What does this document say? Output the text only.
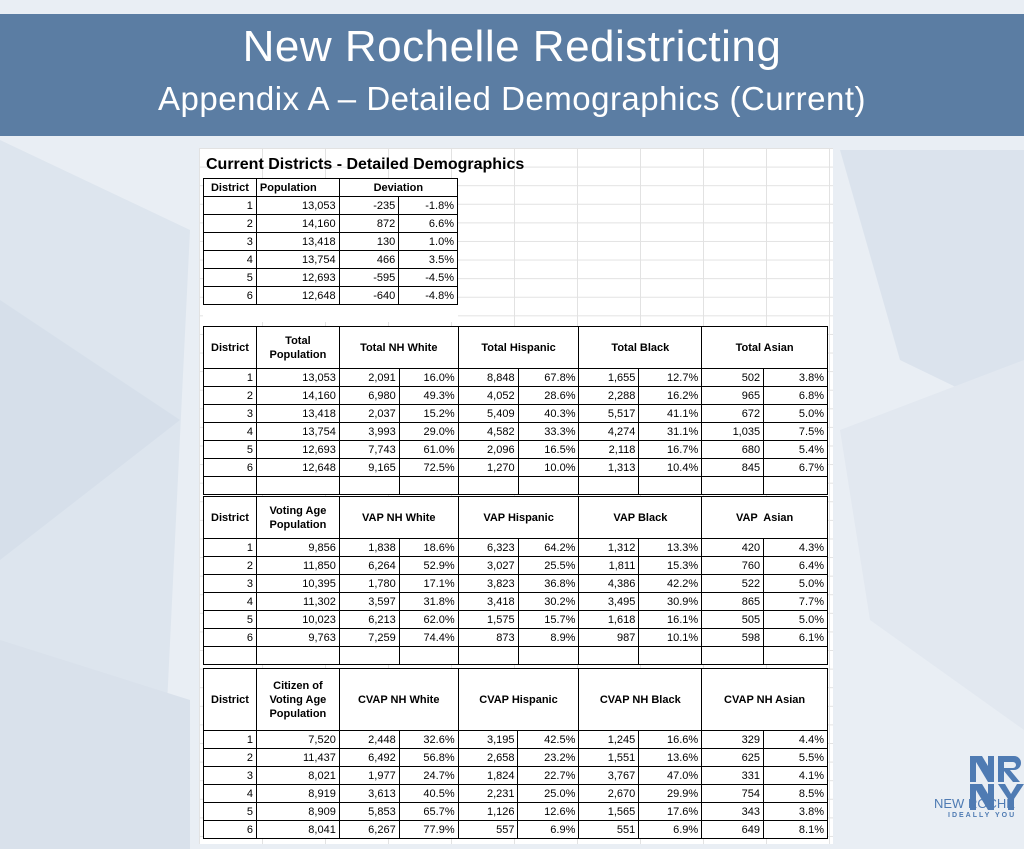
New Rochelle Redistricting
Appendix A – Detailed Demographics (Current)
Current Districts - Detailed Demographics
District	Population	Deviation	
1	13,053	-235	-1.8%
2	14,160	872	6.6%
3	13,418	130	1.0%
4	13,754	466	3.5%
5	12,693	-595	-4.5%
6	12,648	-640	-4.8%

District	Total Population	Total NH White		Total Hispanic		Total Black		Total Asian	
1	13,053	2,091	16.0%	8,848	67.8%	1,655	12.7%	502	3.8%
2	14,160	6,980	49.3%	4,052	28.6%	2,288	16.2%	965	6.8%
3	13,418	2,037	15.2%	5,409	40.3%	5,517	41.1%	672	5.0%
4	13,754	3,993	29.0%	4,582	33.3%	4,274	31.1%	1,035	7.5%
5	12,693	7,743	61.0%	2,096	16.5%	2,118	16.7%	680	5.4%
6	12,648	9,165	72.5%	1,270	10.0%	1,313	10.4%	845	6.7%

District	Voting Age Population	VAP NH White		VAP Hispanic		VAP Black		VAP  Asian	
1	9,856	1,838	18.6%	6,323	64.2%	1,312	13.3%	420	4.3%
2	11,850	6,264	52.9%	3,027	25.5%	1,811	15.3%	760	6.4%
3	10,395	1,780	17.1%	3,823	36.8%	4,386	42.2%	522	5.0%
4	11,302	3,597	31.8%	3,418	30.2%	3,495	30.9%	865	7.7%
5	10,023	6,213	62.0%	1,575	15.7%	1,618	16.1%	505	5.0%
6	9,763	7,259	74.4%	873	8.9%	987	10.1%	598	6.1%

District	Citizen of Voting Age Population	CVAP NH White		CVAP Hispanic		CVAP NH Black		CVAP NH Asian	
1	7,520	2,448	32.6%	3,195	42.5%	1,245	16.6%	329	4.4%
2	11,437	6,492	56.8%	2,658	23.2%	1,551	13.6%	625	5.5%
3	8,021	1,977	24.7%	1,824	22.7%	3,767	47.0%	331	4.1%
4	8,919	3,613	40.5%	2,231	25.0%	2,670	29.9%	754	8.5%
5	8,909	5,853	65.7%	1,126	12.6%	1,565	17.6%	343	3.8%
6	8,041	6,267	77.9%	557	6.9%	551	6.9%	649	8.1%
NEW ROCHE
IDEALLY YOU
